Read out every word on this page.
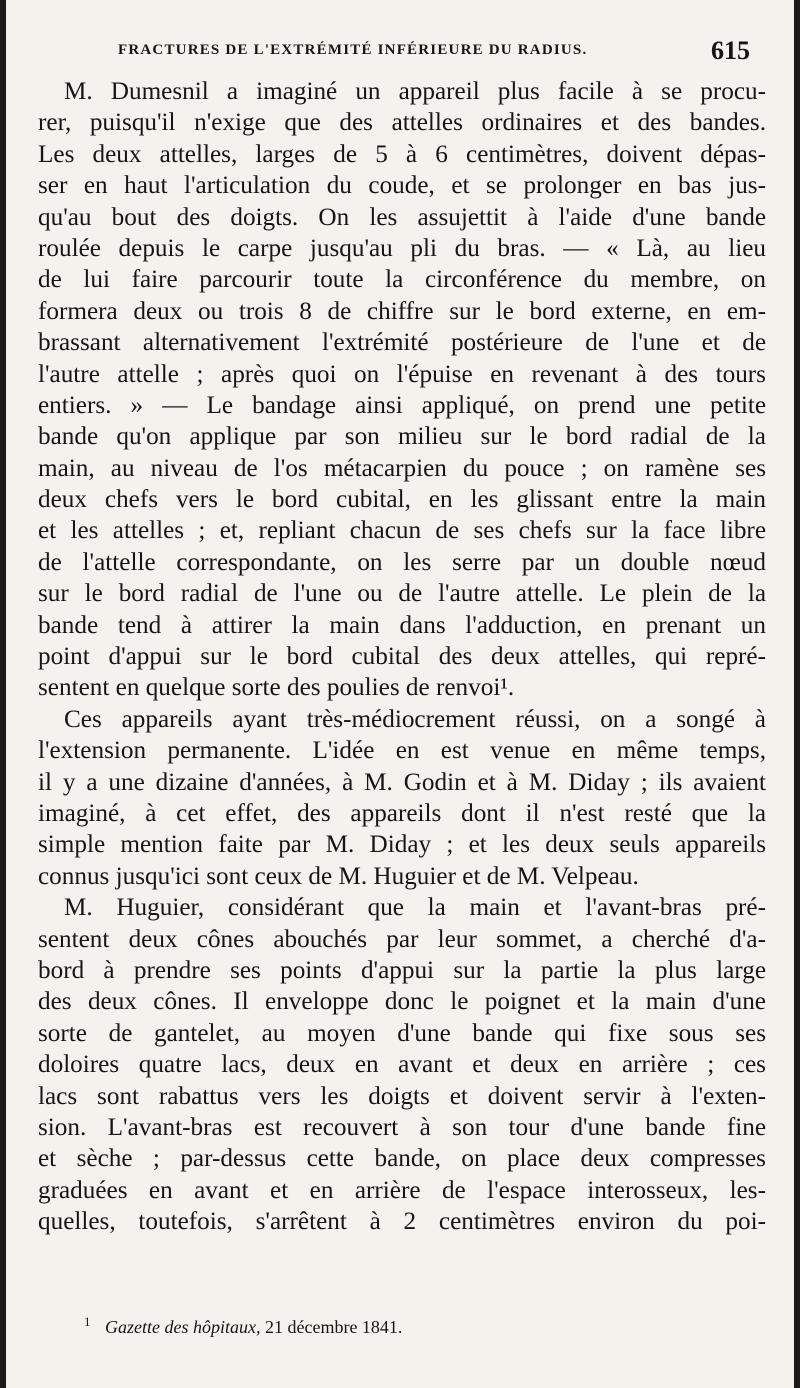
FRACTURES DE L'EXTRÉMITÉ INFÉRIEURE DU RADIUS.	615
M. Dumesnil a imaginé un appareil plus facile à se procu-
rer, puisqu'il n'exige que des attelles ordinaires et des bandes.
Les deux attelles, larges de 5 à 6 centimètres, doivent dépas-
ser en haut l'articulation du coude, et se prolonger en bas jus-
qu'au bout des doigts. On les assujettit à l'aide d'une bande
roulée depuis le carpe jusqu'au pli du bras. — « Là, au lieu
de lui faire parcourir toute la circonférence du membre, on
formera deux ou trois 8 de chiffre sur le bord externe, en em-
brassant alternativement l'extrémité postérieure de l'une et de
l'autre attelle ; après quoi on l'épuise en revenant à des tours
entiers. » — Le bandage ainsi appliqué, on prend une petite
bande qu'on applique par son milieu sur le bord radial de la
main, au niveau de l'os métacarpien du pouce ; on ramène ses
deux chefs vers le bord cubital, en les glissant entre la main
et les attelles ; et, repliant chacun de ses chefs sur la face libre
de l'attelle correspondante, on les serre par un double nœud
sur le bord radial de l'une ou de l'autre attelle. Le plein de la
bande tend à attirer la main dans l'adduction, en prenant un
point d'appui sur le bord cubital des deux attelles, qui repré-
sentent en quelque sorte des poulies de renvoi¹.
Ces appareils ayant très-médiocrement réussi, on a songé à
l'extension permanente. L'idée en est venue en même temps,
il y a une dizaine d'années, à M. Godin et à M. Diday ; ils avaient
imaginé, à cet effet, des appareils dont il n'est resté que la
simple mention faite par M. Diday ; et les deux seuls appareils
connus jusqu'ici sont ceux de M. Huguier et de M. Velpeau.
M. Huguier, considérant que la main et l'avant-bras pré-
sentent deux cônes abouchés par leur sommet, a cherché d'a-
bord à prendre ses points d'appui sur la partie la plus large
des deux cônes. Il enveloppe donc le poignet et la main d'une
sorte de gantelet, au moyen d'une bande qui fixe sous ses
doloires quatre lacs, deux en avant et deux en arrière ; ces
lacs sont rabattus vers les doigts et doivent servir à l'exten-
sion. L'avant-bras est recouvert à son tour d'une bande fine
et sèche ; par-dessus cette bande, on place deux compresses
graduées en avant et en arrière de l'espace interosseux, les-
quelles, toutefois, s'arrêtent à 2 centimètres environ du poi-
$^1$ Gazette des hôpitaux, 21 décembre 1841.
